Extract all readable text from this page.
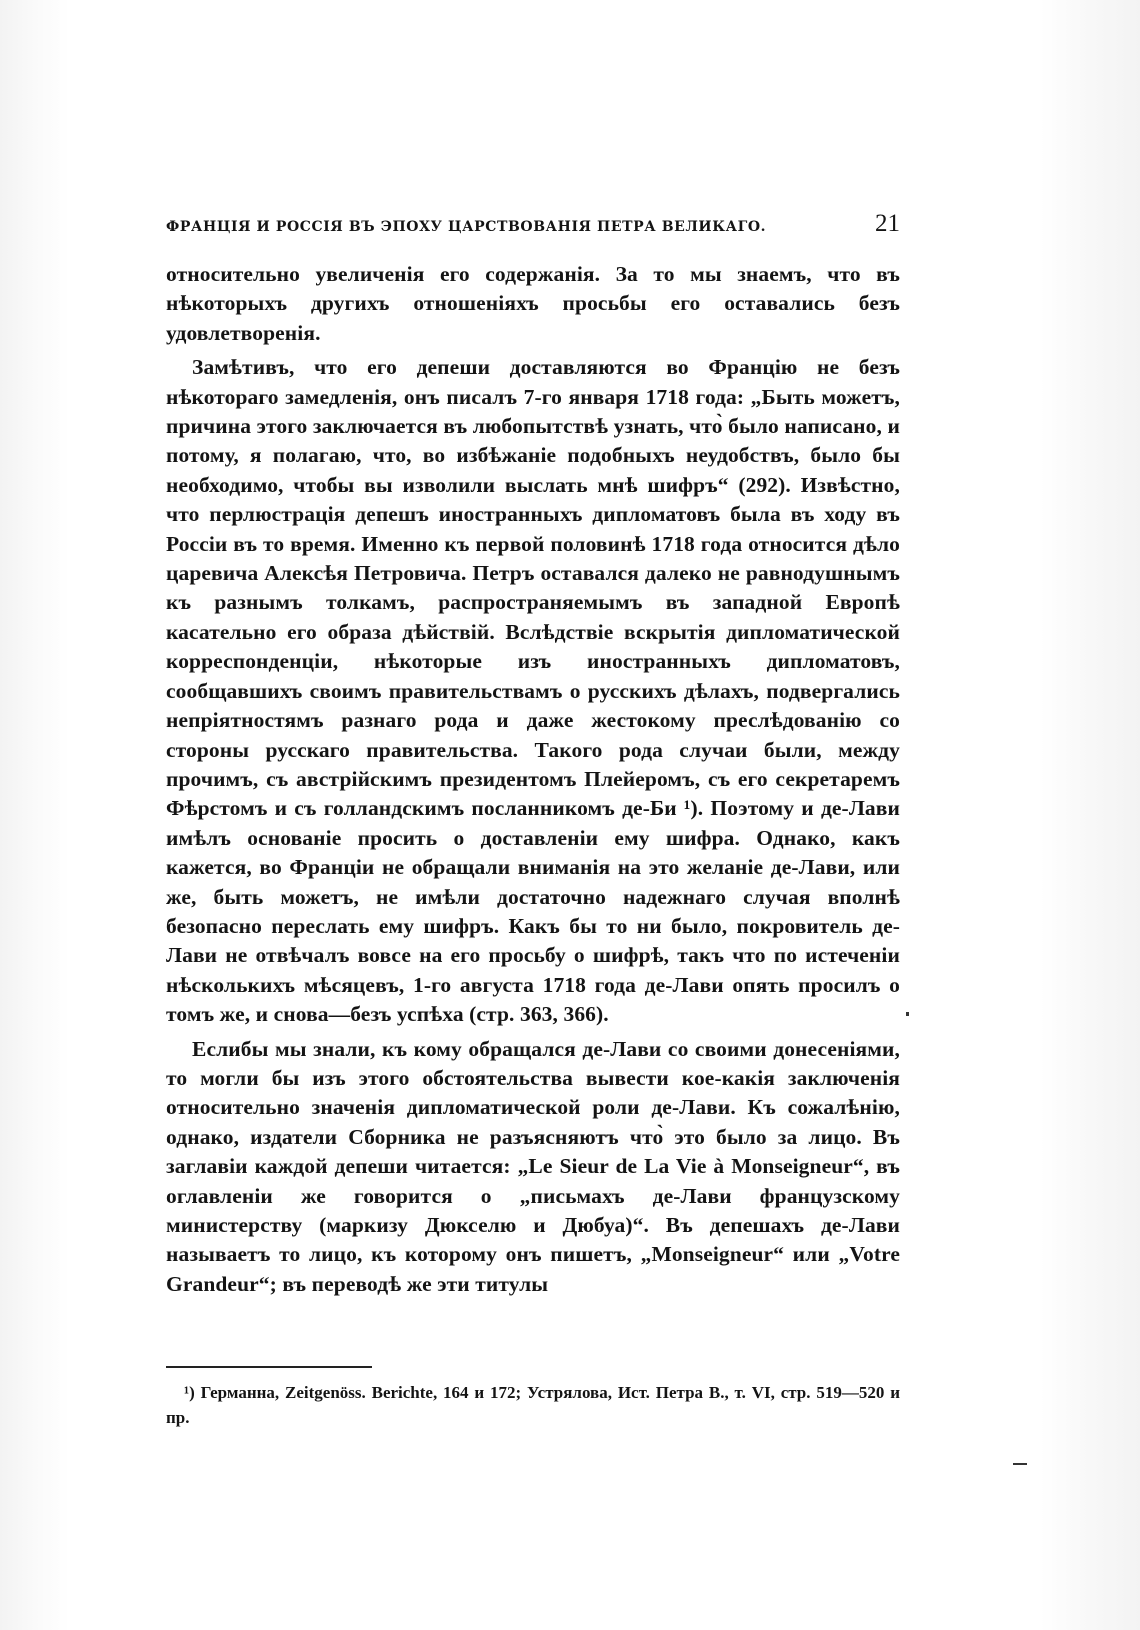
ФРАНЦІЯ И РОССІЯ ВЪ ЭПОХУ ЦАРСТВОВАНІЯ ПЕТРА ВЕЛИКАГО.	21

относительно увеличенія его содержанія. За то мы знаемъ, что въ нѣкоторыхъ другихъ отношеніяхъ просьбы его оставались безъ удовлетворенія.

Замѣтивъ, что его депеши доставляются во Францію не безъ нѣкотораго замедленія, онъ писалъ 7-го января 1718 года: „Быть можетъ, причина этого заключается въ любопытствѣ узнать, что̀ было написано, и потому, я полагаю, что, во избѣжаніе подобныхъ неудобствъ, было бы необходимо, чтобы вы изволили выслать мнѣ шифръ“ (292). Извѣстно, что перлюстрація депешъ иностранныхъ дипломатовъ была въ ходу въ Россіи въ то время. Именно къ первой половинѣ 1718 года относится дѣло царевича Алексѣя Петровича. Петръ оставался далеко не равнодушнымъ къ разнымъ толкамъ, распространяемымъ въ западной Европѣ касательно его образа дѣйствій. Вслѣдствіе вскрытія дипломатической корреспонденціи, нѣкоторые изъ иностранныхъ дипломатовъ, сообщавшихъ своимъ правительствамъ о русскихъ дѣлахъ, подвергались непріятностямъ разнаго рода и даже жестокому преслѣдованію со стороны русскаго правительства. Такого рода случаи были, между прочимъ, съ австрійскимъ президентомъ Плейеромъ, съ его секретаремъ Фѣрстомъ и съ голландскимъ посланникомъ де-Би ¹). Поэтому и де-Лави имѣлъ основаніе просить о доставленіи ему шифра. Однако, какъ кажется, во Франціи не обращали вниманія на это желаніе де-Лави, или же, быть можетъ, не имѣли достаточно надежнаго случая вполнѣ безопасно переслать ему шифръ. Какъ бы то ни было, покровитель де-Лави не отвѣчалъ вовсе на его просьбу о шифрѣ, такъ что по истеченіи нѣсколькихъ мѣсяцевъ, 1-го августа 1718 года де-Лави опять просилъ о томъ же, и снова—безъ успѣха (стр. 363, 366).

Еслибы мы знали, къ кому обращался де-Лави со своими донесеніями, то могли бы изъ этого обстоятельства вывести кое-какія заключенія относительно значенія дипломатической роли де-Лави. Къ сожалѣнію, однако, издатели Сборника не разъясняютъ что̀ это было за лицо. Въ заглавіи каждой депеши читается: „Le Sieur de La Vie à Monseigneur“, въ оглавленіи же говорится о „письмахъ де-Лави французскому министерству (маркизу Дюкселю и Дюбуа)“. Въ депешахъ де-Лави называетъ то лицо, къ которому онъ пишетъ, „Monseigneur“ или „Votre Grandeur“; въ переводѣ же эти титулы

¹) Германна, Zeitgenöss. Berichte, 164 и 172; Устрялова, Ист. Петра В., т. VI, стр. 519—520 и пр.
